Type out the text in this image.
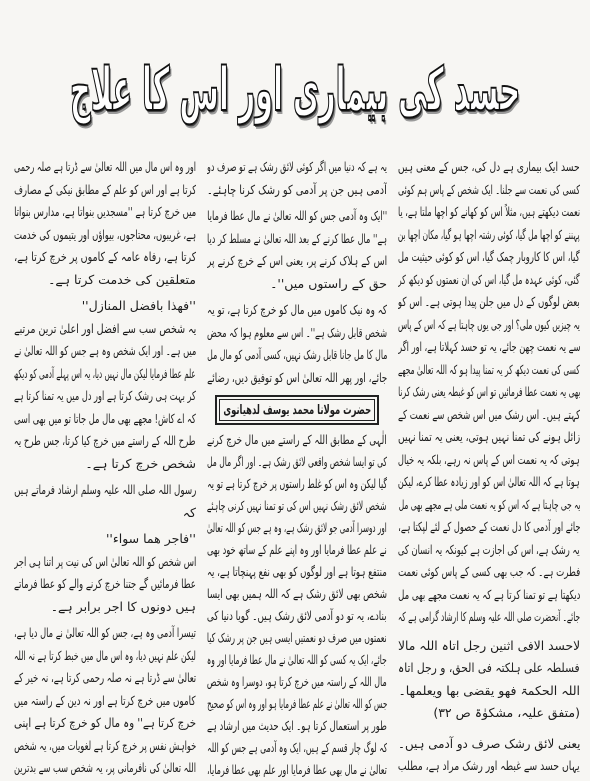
حسد کی بیماری اور اس کا علاج
حسد ایک بیماری ہے دل کی، جس کے معنی ہیں
کسی کی نعمت سے جلنا۔ ایک شخص کے پاس ہم کوئی
نعمت دیکھتے ہیں، مثلاً اس کو کھانے کو اچھا ملتا ہے، یا
پہننے کو اچھا مل گیا، کوئی رشتہ اچھا ہو گیا، مکان اچھا بن
گیا، اس کا کاروبار چمک گیا، اس کو کوئی حیثیت مل
گئی، کوئی عہدہ مل گیا، اس کی ان نعمتوں کو دیکھ کر
بعض لوگوں کے دل میں جلن پیدا ہوتی ہے۔ اس کو
یہ چیزیں کیوں ملی؟ اور جی یوں چاہتا ہے کہ اس کے پاس
سے یہ نعمت چھن جائے، یہ تو حسد کہلاتا ہے، اور اگر
کسی کی نعمت دیکھ کر یہ تمنا پیدا ہو کہ اللہ تعالیٰ مجھے
بھی یہ نعمت عطا فرمائیں تو اس کو غبطہ یعنی رشک کرنا
کہتے ہیں۔ اس رشک میں اس شخص سے نعمت کے
زائل ہونے کی تمنا نہیں ہوتی، یعنی یہ تمنا نہیں
ہوتی کہ یہ نعمت اس کے پاس نہ رہے، بلکہ یہ خیال
ہوتا ہے کہ اللہ تعالیٰ اس کو اور زیادہ عطا کرے، لیکن
یہ جی چاہتا ہے کہ اس کو یہ نعمت ملی ہے مجھے بھی مل
جائے اور آدمی کا دل نعمت کے حصول کے لئے لپکتا ہے،
یہ رشک ہے، اس کی اجازت ہے کیونکہ یہ انسان کی
فطرت ہے۔ کہ جب بھی کسی کے پاس کوئی نعمت
دیکھتا ہے تو تمنا کرتا ہے کہ یہ نعمت مجھے بھی مل
جائے۔ آنحضرت صلی اللہ علیہ وسلم کا ارشاد گرامی ہے کہ
لاحسد الافی اثنین رجل اتاہ اللہ مالا
فسلطہ علی ہلکتہ فی الحق، و رجل اتاہ
اللہ الحکمۃ فھو یقضی بھا ویعلمھا۔
(متفق علیہ، مشکوٰۃ ص ۳۲)
یعنی لائق رشک صرف دو آدمی ہیں۔
یہاں حسد سے غبطہ اور رشک مراد ہے، مطلب
یہ ہے کہ دنیا میں اگر کوئی لائق رشک ہے تو صرف دو
آدمی ہیں جن پر آدمی کو رشک کرنا چاہئے۔
''ایک وہ آدمی جس کو اللہ تعالیٰ نے مال عطا فرمایا
ہے'' مال عطا کرنے کے بعد اللہ تعالیٰ نے مسلط کر دیا
اس کے ہلاک کرنے پر، یعنی اس کے خرچ کرنے پر
حق کے راستوں میں''۔
کہ وہ نیک کاموں میں مال کو خرچ کرتا ہے، تو یہ
شخص قابل رشک ہے''۔ اس سے معلوم ہوا کہ محض
مال کا مل جانا قابل رشک نہیں، کسی آدمی کو مال مل
جائے، اور پھر اللہ تعالیٰ اس کو توفیق دیں، رضائے
حضرت مولانا محمد یوسف لدھیانوی
الٰہی کے مطابق اللہ کے راستے میں مال خرچ کرنے
کی تو ایسا شخص واقعی لائق رشک ہے۔ اور اگر مال مل
گیا لیکن وہ اس کو غلط راستوں پر خرچ کرتا ہے تو یہ
شخص لائق رشک نہیں اس کی تو تمنا نہیں کرنی چاہئے
اور دوسرا آدمی جو لائق رشک ہے، وہ ہے جس کو اللہ تعالیٰ
نے علم عطا فرمایا اور وہ اپنے علم کے ساتھ خود بھی
منتفع ہوتا ہے اور لوگوں کو بھی نفع پہنچاتا ہے، یہ
شخص بھی لائق رشک ہے کہ اللہ ہمیں بھی ایسا
بنادے، یہ تو دو آدمی لائق رشک ہیں۔ گویا دنیا کی
نعمتوں میں صرف دو نعمتیں ایسی ہیں جن پر رشک کیا
جائے، ایک یہ کسی کو اللہ تعالیٰ نے مال عطا فرمایا اور وہ
مال اللہ کے راستہ میں خرچ کرتا ہو، دوسرا وہ شخص
جس کو اللہ تعالیٰ نے علم عطا فرمایا ہو اور وہ اس کو صحیح
طور پر استعمال کرتا ہو۔ ایک حدیث میں ارشاد ہے
کہ لوگ چار قسم کے ہیں، ایک وہ آدمی ہے جس کو اللہ
تعالیٰ نے مال بھی عطا فرمایا اور علم بھی عطا فرمایا،
اور وہ اس مال میں اللہ تعالیٰ سے ڈرتا ہے صلہ رحمی
کرتا ہے اور اس کو علم کے مطابق نیکی کے مصارف
میں خرچ کرتا ہے ''مسجدیں بنواتا ہے، مدارس بنواتا
ہے، غریبوں، محتاجوں، بیواؤں اور یتیموں کی خدمت
کرتا ہے، رفاہ عامہ کے کاموں پر خرچ کرتا ہے،
متعلقین کی خدمت کرتا ہے۔
''فھذا بافضل المنازل''
یہ شخص سب سے افضل اور اعلیٰ ترین مرتبے
میں ہے۔ اور ایک شخص وہ ہے جس کو اللہ تعالیٰ نے
علم عطا فرمایا لیکن مال نہیں دیا، یہ اس پہلے آدمی کو دیکھ
کر بہت ہی رشک کرتا ہے اور دل میں یہ تمنا کرتا ہے
کہ اے کاش! مجھے بھی مال مل جاتا تو میں بھی اسی
طرح اللہ کے راستے میں خرچ کیا کرتا، جس طرح یہ
شخص خرچ کرتا ہے۔
رسول اللہ صلی اللہ علیہ وسلم ارشاد فرماتے ہیں
کہ
''فاجر ھما سواء''
اس شخص کو اللہ تعالیٰ اس کی نیت پر اتنا ہی اجر
عطا فرمائیں گے جتنا خرچ کرنے والے کو عطا فرماتے
ہیں دونوں کا اجر برابر ہے۔
تیسرا آدمی وہ ہے، جس کو اللہ تعالیٰ نے مال دیا ہے،
لیکن علم نہیں دیا، وہ اس مال میں خبط کرتا ہے نہ اللہ
تعالیٰ سے ڈرتا ہے نہ صلہ رحمی کرتا ہے، نہ خیر کے
کاموں میں خرچ کرتا ہے اور نہ دین کے راستہ میں
خرچ کرتا ہے'' وہ مال کو خرچ کرتا ہے اپنی
خواہش نفس پر خرچ کرتا ہے لغویات میں، یہ شخص
اللہ تعالیٰ کی نافرمانی پر، یہ شخص سب سے بدترین
